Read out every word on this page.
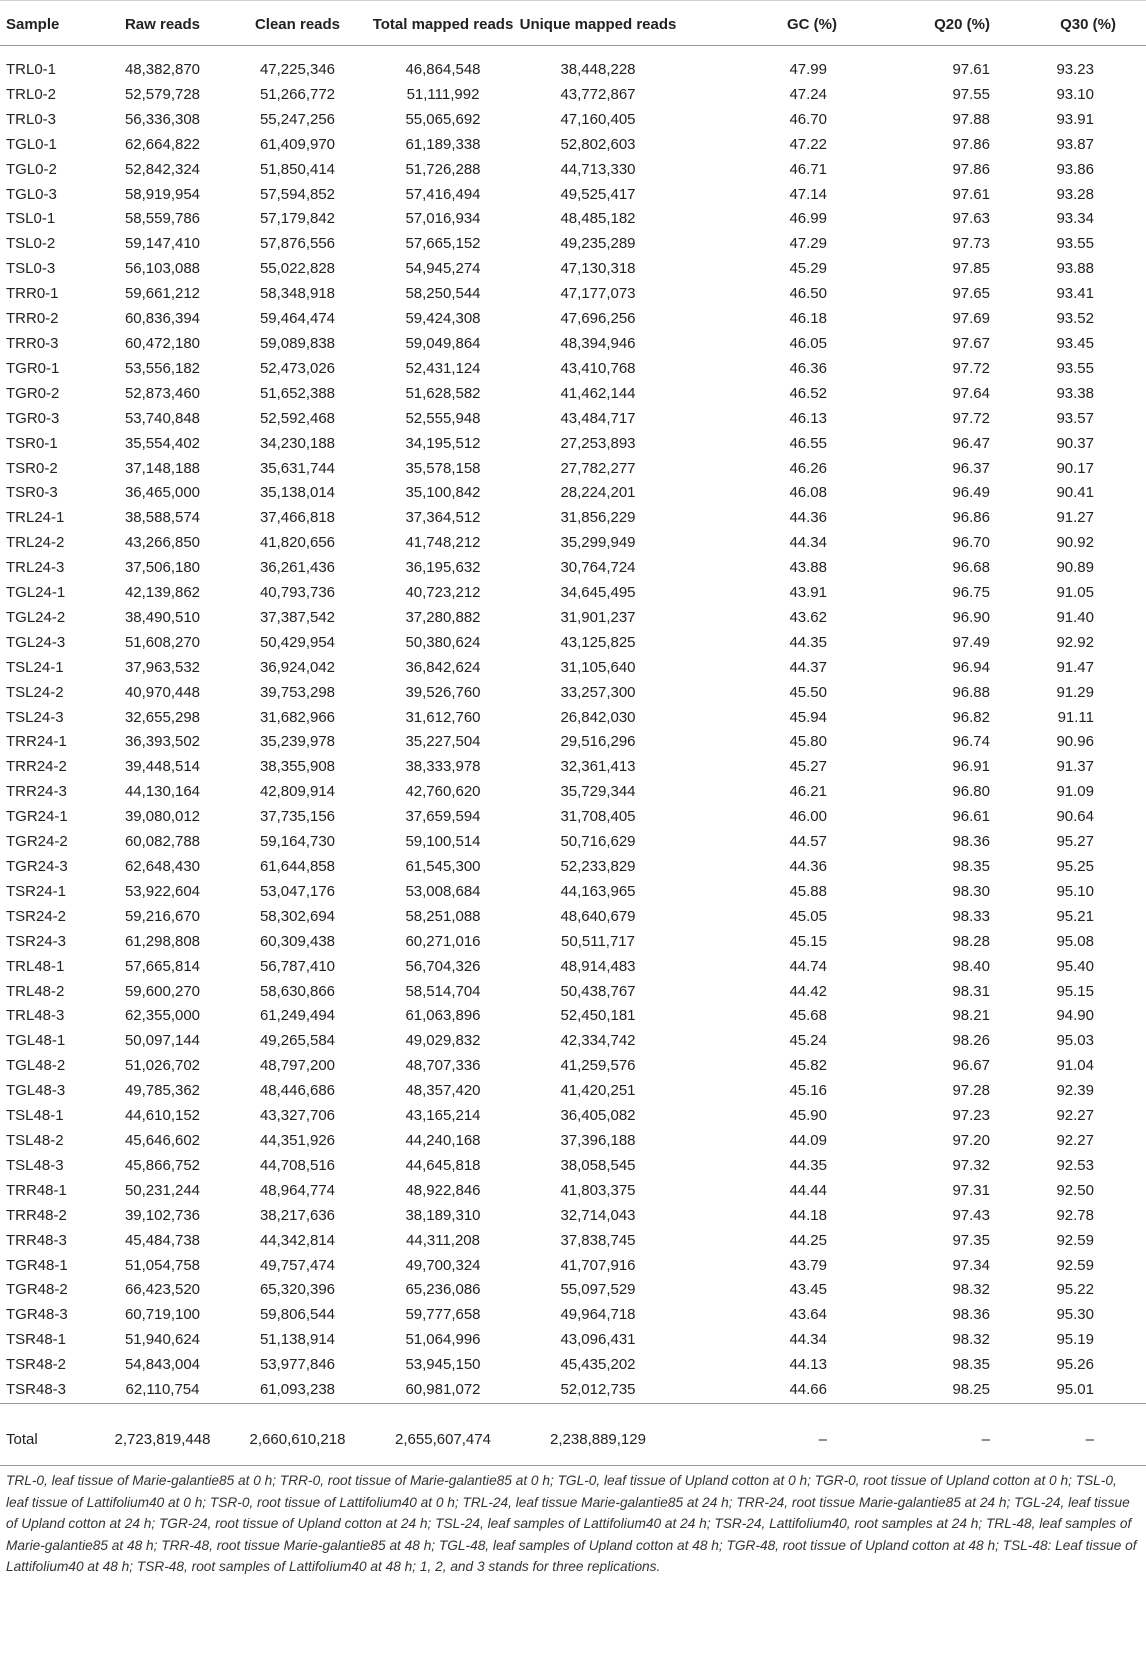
Sample	Raw reads	Clean reads	Total mapped reads	Unique mapped reads	GC (%)	Q20 (%)	Q30 (%)
TRL0-1	48,382,870	47,225,346	46,864,548	38,448,228	47.99	97.61	93.23
TRL0-2	52,579,728	51,266,772	51,111,992	43,772,867	47.24	97.55	93.10
TRL0-3	56,336,308	55,247,256	55,065,692	47,160,405	46.70	97.88	93.91
TGL0-1	62,664,822	61,409,970	61,189,338	52,802,603	47.22	97.86	93.87
TGL0-2	52,842,324	51,850,414	51,726,288	44,713,330	46.71	97.86	93.86
TGL0-3	58,919,954	57,594,852	57,416,494	49,525,417	47.14	97.61	93.28
TSL0-1	58,559,786	57,179,842	57,016,934	48,485,182	46.99	97.63	93.34
TSL0-2	59,147,410	57,876,556	57,665,152	49,235,289	47.29	97.73	93.55
TSL0-3	56,103,088	55,022,828	54,945,274	47,130,318	45.29	97.85	93.88
TRR0-1	59,661,212	58,348,918	58,250,544	47,177,073	46.50	97.65	93.41
TRR0-2	60,836,394	59,464,474	59,424,308	47,696,256	46.18	97.69	93.52
TRR0-3	60,472,180	59,089,838	59,049,864	48,394,946	46.05	97.67	93.45
TGR0-1	53,556,182	52,473,026	52,431,124	43,410,768	46.36	97.72	93.55
TGR0-2	52,873,460	51,652,388	51,628,582	41,462,144	46.52	97.64	93.38
TGR0-3	53,740,848	52,592,468	52,555,948	43,484,717	46.13	97.72	93.57
TSR0-1	35,554,402	34,230,188	34,195,512	27,253,893	46.55	96.47	90.37
TSR0-2	37,148,188	35,631,744	35,578,158	27,782,277	46.26	96.37	90.17
TSR0-3	36,465,000	35,138,014	35,100,842	28,224,201	46.08	96.49	90.41
TRL24-1	38,588,574	37,466,818	37,364,512	31,856,229	44.36	96.86	91.27
TRL24-2	43,266,850	41,820,656	41,748,212	35,299,949	44.34	96.70	90.92
TRL24-3	37,506,180	36,261,436	36,195,632	30,764,724	43.88	96.68	90.89
TGL24-1	42,139,862	40,793,736	40,723,212	34,645,495	43.91	96.75	91.05
TGL24-2	38,490,510	37,387,542	37,280,882	31,901,237	43.62	96.90	91.40
TGL24-3	51,608,270	50,429,954	50,380,624	43,125,825	44.35	97.49	92.92
TSL24-1	37,963,532	36,924,042	36,842,624	31,105,640	44.37	96.94	91.47
TSL24-2	40,970,448	39,753,298	39,526,760	33,257,300	45.50	96.88	91.29
TSL24-3	32,655,298	31,682,966	31,612,760	26,842,030	45.94	96.82	91.11
TRR24-1	36,393,502	35,239,978	35,227,504	29,516,296	45.80	96.74	90.96
TRR24-2	39,448,514	38,355,908	38,333,978	32,361,413	45.27	96.91	91.37
TRR24-3	44,130,164	42,809,914	42,760,620	35,729,344	46.21	96.80	91.09
TGR24-1	39,080,012	37,735,156	37,659,594	31,708,405	46.00	96.61	90.64
TGR24-2	60,082,788	59,164,730	59,100,514	50,716,629	44.57	98.36	95.27
TGR24-3	62,648,430	61,644,858	61,545,300	52,233,829	44.36	98.35	95.25
TSR24-1	53,922,604	53,047,176	53,008,684	44,163,965	45.88	98.30	95.10
TSR24-2	59,216,670	58,302,694	58,251,088	48,640,679	45.05	98.33	95.21
TSR24-3	61,298,808	60,309,438	60,271,016	50,511,717	45.15	98.28	95.08
TRL48-1	57,665,814	56,787,410	56,704,326	48,914,483	44.74	98.40	95.40
TRL48-2	59,600,270	58,630,866	58,514,704	50,438,767	44.42	98.31	95.15
TRL48-3	62,355,000	61,249,494	61,063,896	52,450,181	45.68	98.21	94.90
TGL48-1	50,097,144	49,265,584	49,029,832	42,334,742	45.24	98.26	95.03
TGL48-2	51,026,702	48,797,200	48,707,336	41,259,576	45.82	96.67	91.04
TGL48-3	49,785,362	48,446,686	48,357,420	41,420,251	45.16	97.28	92.39
TSL48-1	44,610,152	43,327,706	43,165,214	36,405,082	45.90	97.23	92.27
TSL48-2	45,646,602	44,351,926	44,240,168	37,396,188	44.09	97.20	92.27
TSL48-3	45,866,752	44,708,516	44,645,818	38,058,545	44.35	97.32	92.53
TRR48-1	50,231,244	48,964,774	48,922,846	41,803,375	44.44	97.31	92.50
TRR48-2	39,102,736	38,217,636	38,189,310	32,714,043	44.18	97.43	92.78
TRR48-3	45,484,738	44,342,814	44,311,208	37,838,745	44.25	97.35	92.59
TGR48-1	51,054,758	49,757,474	49,700,324	41,707,916	43.79	97.34	92.59
TGR48-2	66,423,520	65,320,396	65,236,086	55,097,529	43.45	98.32	95.22
TGR48-3	60,719,100	59,806,544	59,777,658	49,964,718	43.64	98.36	95.30
TSR48-1	51,940,624	51,138,914	51,064,996	43,096,431	44.34	98.32	95.19
TSR48-2	54,843,004	53,977,846	53,945,150	45,435,202	44.13	98.35	95.26
TSR48-3	62,110,754	61,093,238	60,981,072	52,012,735	44.66	98.25	95.01
Total	2,723,819,448	2,660,610,218	2,655,607,474	2,238,889,129	–	–	–
TRL-0, leaf tissue of Marie-galantie85 at 0 h; TRR-0, root tissue of Marie-galantie85 at 0 h; TGL-0, leaf tissue of Upland cotton at 0 h; TGR-0, root tissue of Upland cotton at 0 h; TSL-0, leaf tissue of Lattifolium40 at 0 h; TSR-0, root tissue of Lattifolium40 at 0 h; TRL-24, leaf tissue Marie-galantie85 at 24 h; TRR-24, root tissue Marie-galantie85 at 24 h; TGL-24, leaf tissue of Upland cotton at 24 h; TGR-24, root tissue of Upland cotton at 24 h; TSL-24, leaf samples of Lattifolium40 at 24 h; TSR-24, Lattifolium40, root samples at 24 h; TRL-48, leaf samples of Marie-galantie85 at 48 h; TRR-48, root tissue Marie-galantie85 at 48 h; TGL-48, leaf samples of Upland cotton at 48 h; TGR-48, root tissue of Upland cotton at 48 h; TSL-48: Leaf tissue of Lattifolium40 at 48 h; TSR-48, root samples of Lattifolium40 at 48 h; 1, 2, and 3 stands for three replications.
